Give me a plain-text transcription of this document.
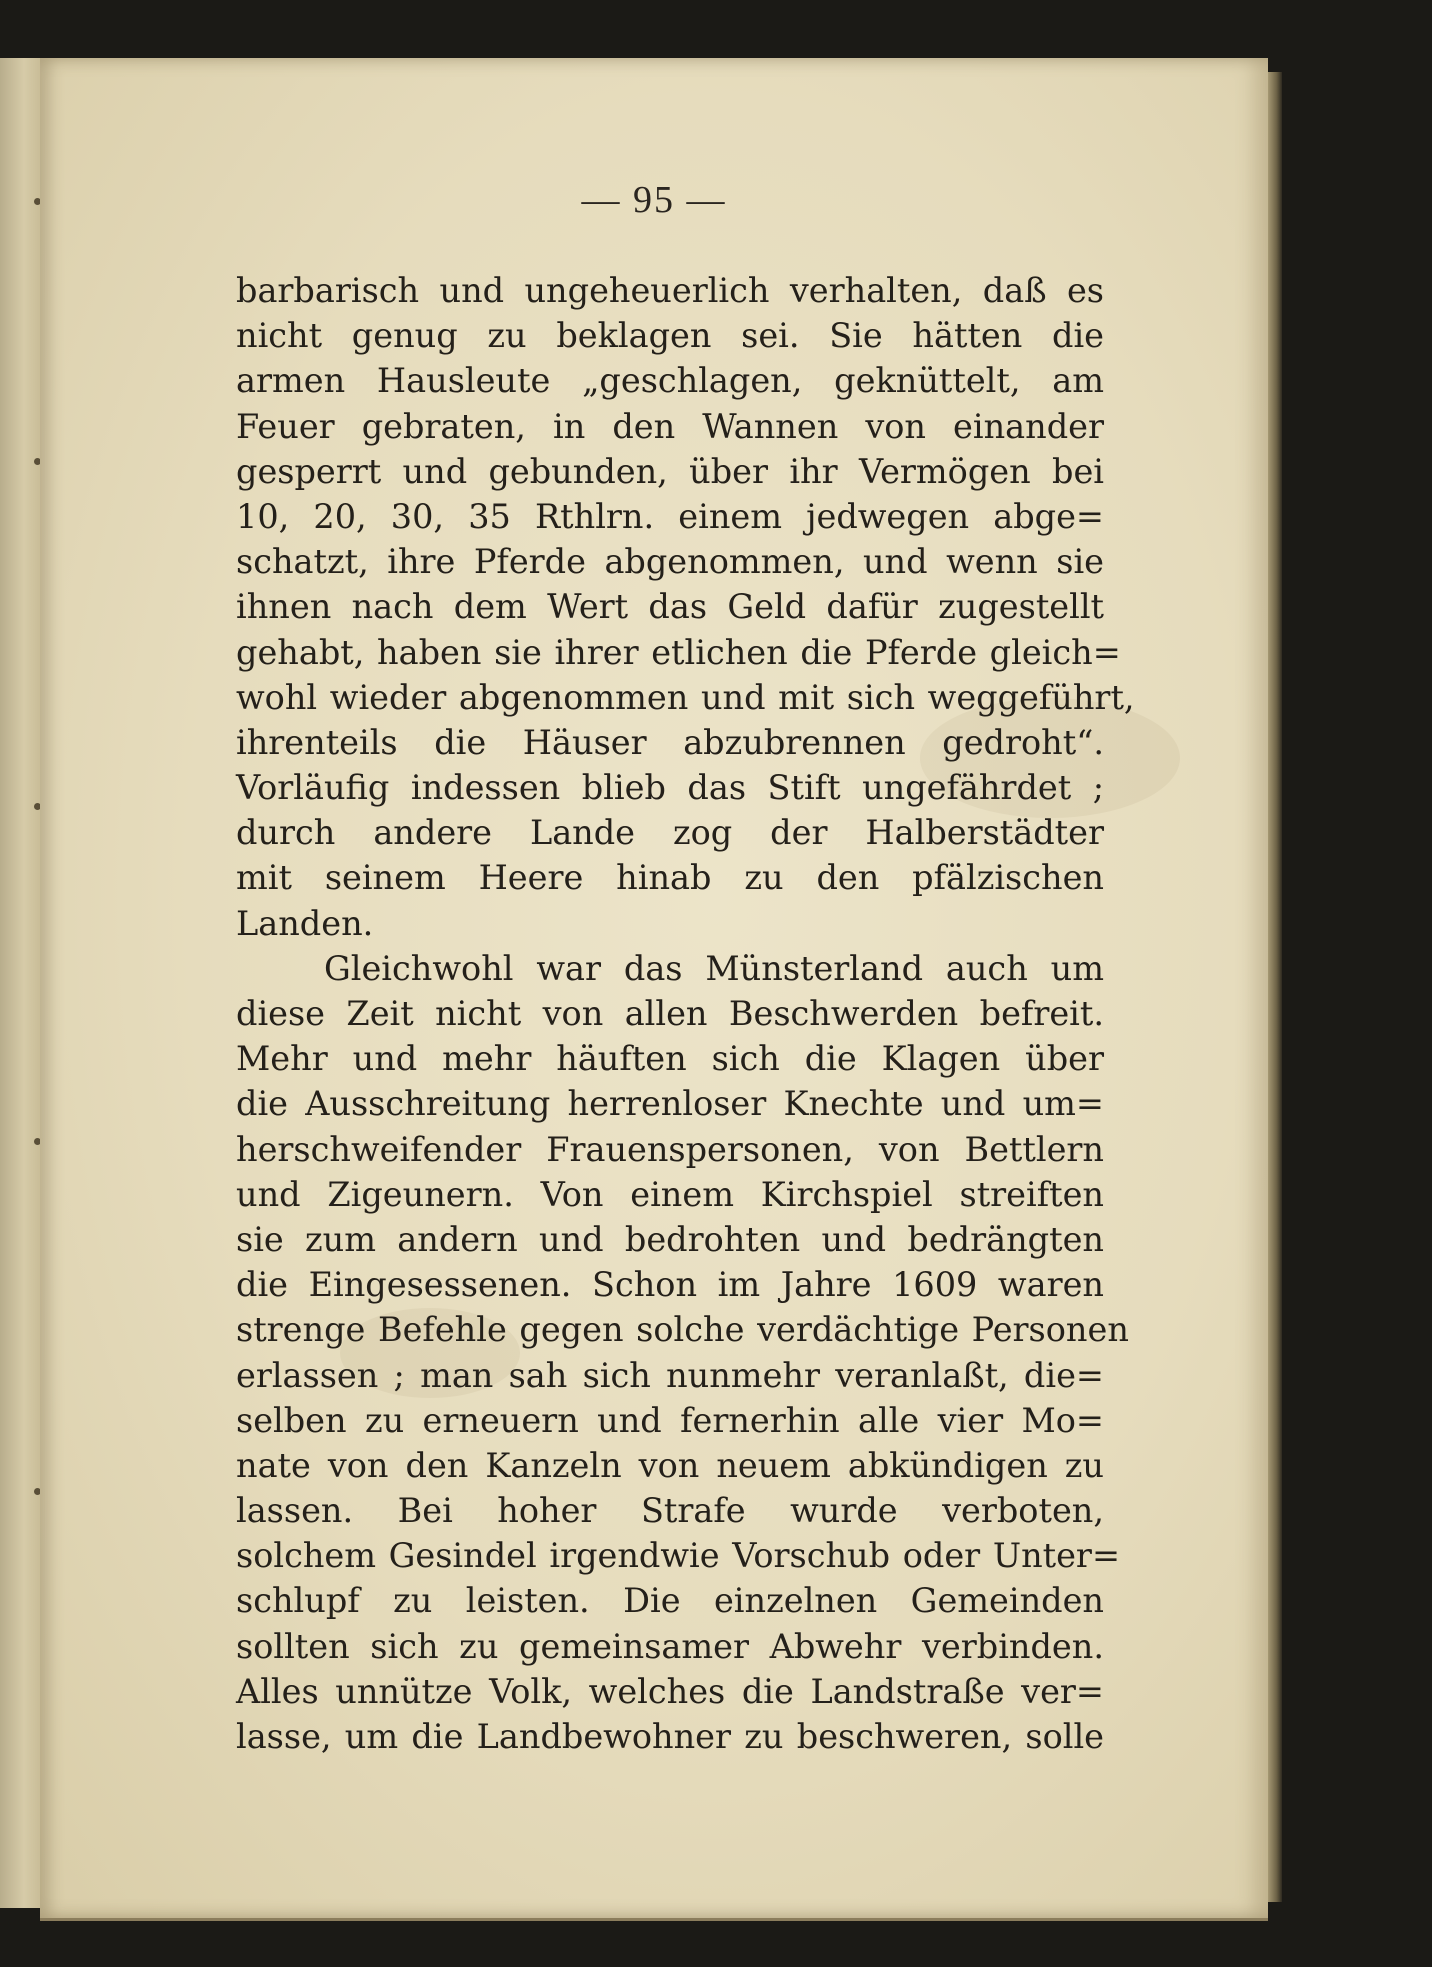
— 95 —
barbarisch und ungeheuerlich verhalten, daß es
nicht genug zu beklagen sei. Sie hätten die
armen Hausleute „geschlagen, geknüttelt, am
Feuer gebraten, in den Wannen von einander
gesperrt und gebunden, über ihr Vermögen bei
10, 20, 30, 35 Rthlrn. einem jedwegen abge=
schatzt, ihre Pferde abgenommen, und wenn sie
ihnen nach dem Wert das Geld dafür zugestellt
gehabt, haben sie ihrer etlichen die Pferde gleich=
wohl wieder abgenommen und mit sich weggeführt,
ihrenteils die Häuser abzubrennen gedroht“.
Vorläufig indessen blieb das Stift ungefährdet ;
durch andere Lande zog der Halberstädter
mit seinem Heere hinab zu den pfälzischen
Landen.
Gleichwohl war das Münsterland auch um
diese Zeit nicht von allen Beschwerden befreit.
Mehr und mehr häuften sich die Klagen über
die Ausschreitung herrenloser Knechte und um=
herschweifender Frauenspersonen, von Bettlern
und Zigeunern. Von einem Kirchspiel streiften
sie zum andern und bedrohten und bedrängten
die Eingesessenen. Schon im Jahre 1609 waren
strenge Befehle gegen solche verdächtige Personen
erlassen ; man sah sich nunmehr veranlaßt, die=
selben zu erneuern und fernerhin alle vier Mo=
nate von den Kanzeln von neuem abkündigen zu
lassen. Bei hoher Strafe wurde verboten,
solchem Gesindel irgendwie Vorschub oder Unter=
schlupf zu leisten. Die einzelnen Gemeinden
sollten sich zu gemeinsamer Abwehr verbinden.
Alles unnütze Volk, welches die Landstraße ver=
lasse, um die Landbewohner zu beschweren, solle
